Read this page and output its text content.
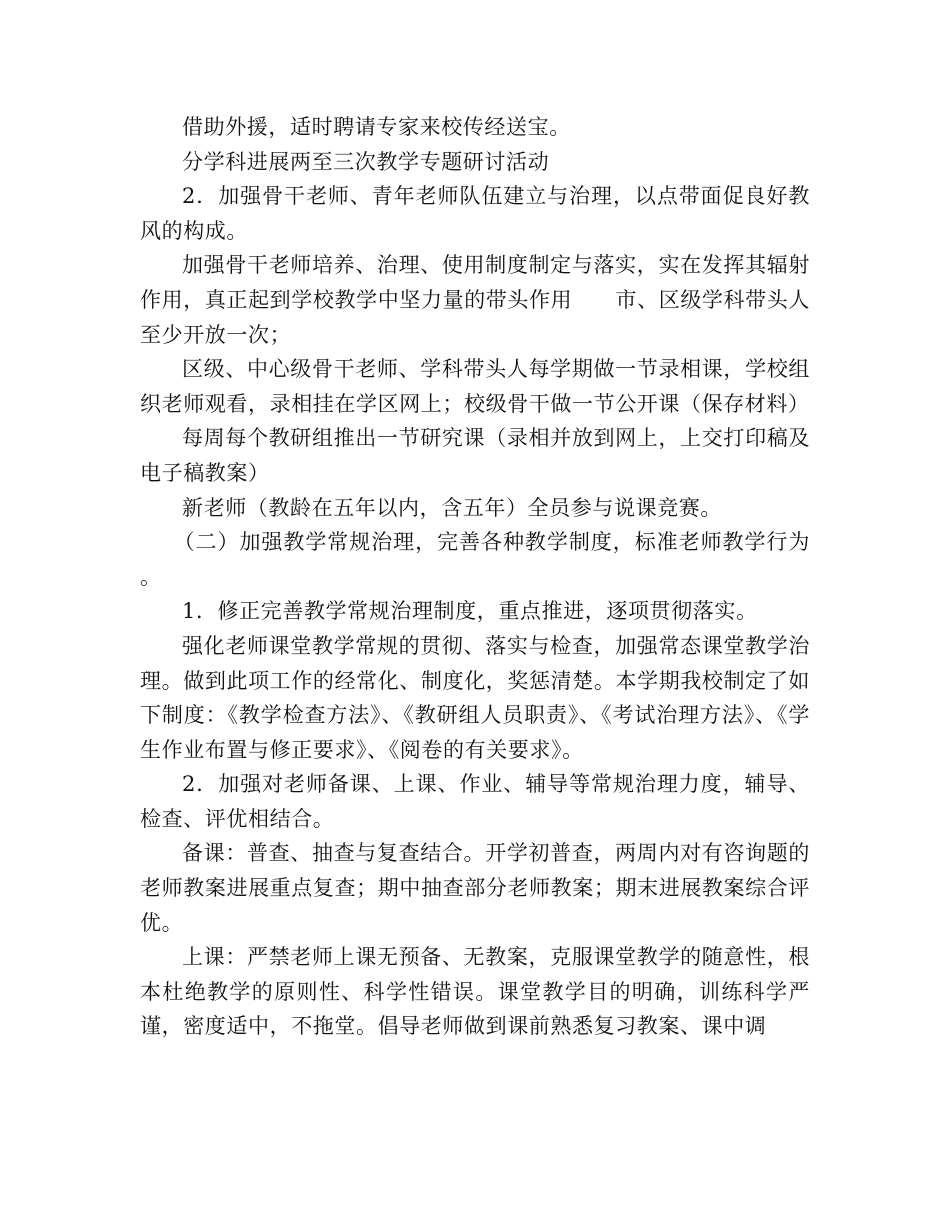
借助外援，适时聘请专家来校传经送宝。

分学科进展两至三次教学专题研讨活动

2．加强骨干老师、青年老师队伍建立与治理，以点带面促良好教风的构成。

加强骨干老师培养、治理、使用制度制定与落实，实在发挥其辐射作用，真正起到学校教学中坚力量的带头作用　　市、区级学科带头人至少开放一次；

区级、中心级骨干老师、学科带头人每学期做一节录相课，学校组织老师观看，录相挂在学区网上；校级骨干做一节公开课（保存材料）

每周每个教研组推出一节研究课（录相并放到网上，上交打印稿及电子稿教案）

新老师（教龄在五年以内，含五年）全员参与说课竞赛。

（二）加强教学常规治理，完善各种教学制度，标准老师教学行为 。

1．修正完善教学常规治理制度，重点推进，逐项贯彻落实。

强化老师课堂教学常规的贯彻、落实与检查，加强常态课堂教学治理。做到此项工作的经常化、制度化，奖惩清楚。本学期我校制定了如下制度：《教学检查方法》、《教研组人员职责》、《考试治理方法》、《学生作业布置与修正要求》、《阅卷的有关要求》。

2．加强对老师备课、上课、作业、辅导等常规治理力度，辅导、检查、评优相结合。

备课：普查、抽查与复查结合。开学初普查，两周内对有咨询题的老师教案进展重点复查；期中抽查部分老师教案；期末进展教案综合评优。

上课：严禁老师上课无预备、无教案，克服课堂教学的随意性，根本杜绝教学的原则性、科学性错误。课堂教学目的明确，训练科学严谨，密度适中，不拖堂。倡导老师做到课前熟悉复习教案、课中调
